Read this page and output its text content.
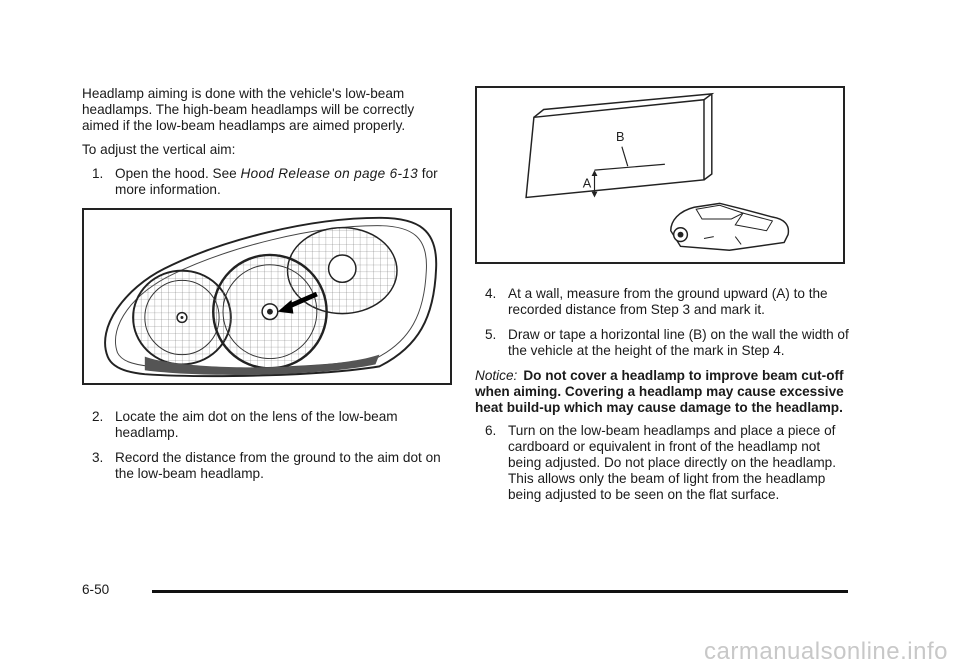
Headlamp aiming is done with the vehicle's low-beam headlamps. The high-beam headlamps will be correctly aimed if the low-beam headlamps are aimed properly.

To adjust the vertical aim:

1. Open the hood. See Hood Release on page 6-13 for more information.
2. Locate the aim dot on the lens of the low-beam headlamp.
3. Record the distance from the ground to the aim dot on the low-beam headlamp.
B
A
4. At a wall, measure from the ground upward (A) to the recorded distance from Step 3 and mark it.
5. Draw or tape a horizontal line (B) on the wall the width of the vehicle at the height of the mark in Step 4.

Notice: Do not cover a headlamp to improve beam cut-off when aiming. Covering a headlamp may cause excessive heat build-up which may cause damage to the headlamp.

6. Turn on the low-beam headlamps and place a piece of cardboard or equivalent in front of the headlamp not being adjusted. Do not place directly on the headlamp. This allows only the beam of light from the headlamp being adjusted to be seen on the flat surface.
6-50
carmanualsonline.info
